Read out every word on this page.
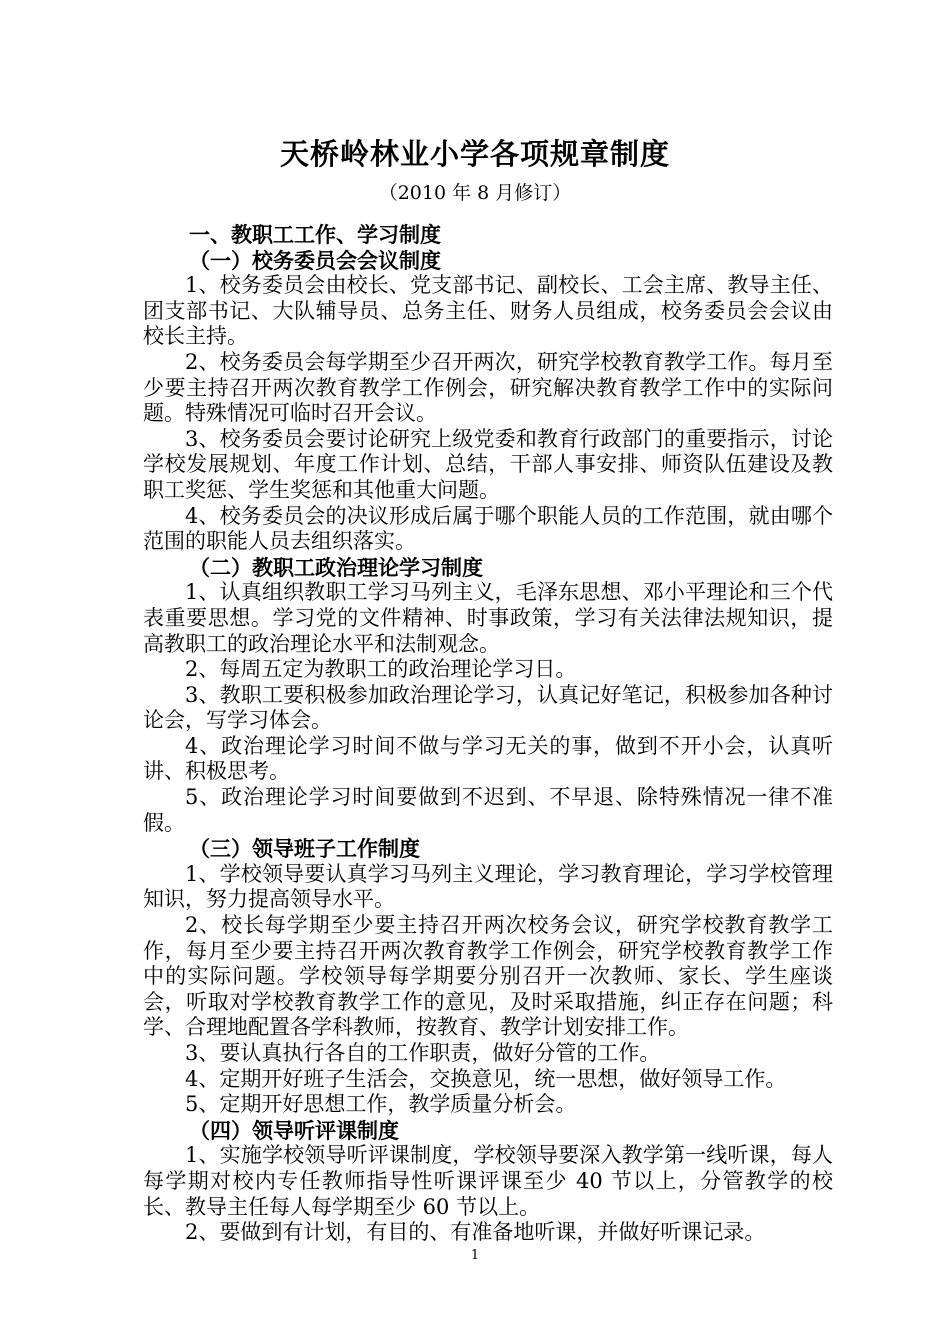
天桥岭林业小学各项规章制度
（2010 年 8 月修订）
一、教职工工作、学习制度
（一）校务委员会会议制度

1、校务委员会由校长、党支部书记、副校长、工会主席、教导主任、团支部书记、大队辅导员、总务主任、财务人员组成，校务委员会会议由校长主持。

2、校务委员会每学期至少召开两次，研究学校教育教学工作。每月至少要主持召开两次教育教学工作例会，研究解决教育教学工作中的实际问题。特殊情况可临时召开会议。

3、校务委员会要讨论研究上级党委和教育行政部门的重要指示，讨论学校发展规划、年度工作计划、总结，干部人事安排、师资队伍建设及教职工奖惩、学生奖惩和其他重大问题。

4、校务委员会的决议形成后属于哪个职能人员的工作范围，就由哪个范围的职能人员去组织落实。

（二）教职工政治理论学习制度

1、认真组织教职工学习马列主义，毛泽东思想、邓小平理论和三个代表重要思想。学习党的文件精神、时事政策，学习有关法律法规知识，提高教职工的政治理论水平和法制观念。

2、每周五定为教职工的政治理论学习日。

3、教职工要积极参加政治理论学习，认真记好笔记，积极参加各种讨论会，写学习体会。

4、政治理论学习时间不做与学习无关的事，做到不开小会，认真听讲、积极思考。

5、政治理论学习时间要做到不迟到、不早退、除特殊情况一律不准假。

（三）领导班子工作制度

1、学校领导要认真学习马列主义理论，学习教育理论，学习学校管理知识，努力提高领导水平。

2、校长每学期至少要主持召开两次校务会议，研究学校教育教学工作，每月至少要主持召开两次教育教学工作例会，研究学校教育教学工作中的实际问题。学校领导每学期要分别召开一次教师、家长、学生座谈会，听取对学校教育教学工作的意见，及时采取措施，纠正存在问题；科学、合理地配置各学科教师，按教育、教学计划安排工作。

3、要认真执行各自的工作职责，做好分管的工作。

4、定期开好班子生活会，交换意见，统一思想，做好领导工作。

5、定期开好思想工作，教学质量分析会。

（四）领导听评课制度

1、实施学校领导听评课制度，学校领导要深入教学第一线听课，每人每学期对校内专任教师指导性听课评课至少 40 节以上，分管教学的校长、教导主任每人每学期至少 60 节以上。

2、要做到有计划，有目的、有准备地听课，并做好听课记录。

1
